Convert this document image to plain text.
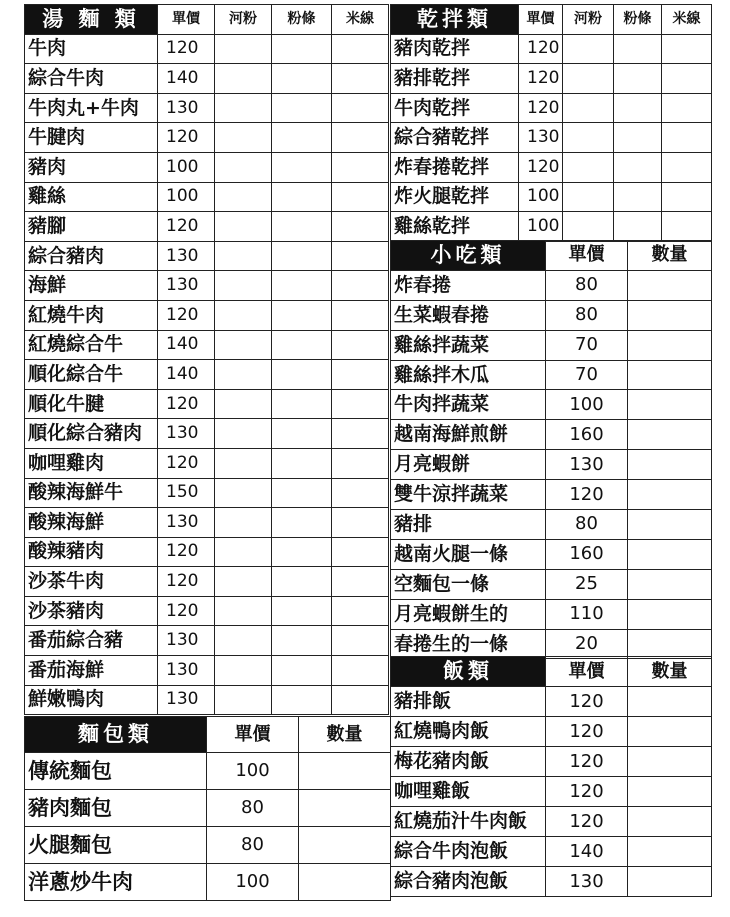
湯 麵 類	單價	河粉	粉條	米線
牛肉	120			
綜合牛肉	140			
牛肉丸+牛肉	130			
牛腱肉	120			
豬肉	100			
雞絲	100			
豬腳	120			
綜合豬肉	130			
海鮮	130			
紅燒牛肉	120			
紅燒綜合牛	140			
順化綜合牛	140			
順化牛腱	120			
順化綜合豬肉	130			
咖哩雞肉	120			
酸辣海鮮牛	150			
酸辣海鮮	130			
酸辣豬肉	120			
沙茶牛肉	120			
沙茶豬肉	120			
番茄綜合豬	130			
番茄海鮮	130			
鮮嫩鴨肉	130			
乾拌類	單價	河粉	粉條	米線
豬肉乾拌	120			
豬排乾拌	120			
牛肉乾拌	120			
綜合豬乾拌	130			
炸春捲乾拌	120			
炸火腿乾拌	100			
雞絲乾拌	100			
小吃類	單價	數量
炸春捲	80	
生菜蝦春捲	80	
雞絲拌蔬菜	70	
雞絲拌木瓜	70	
牛肉拌蔬菜	100	
越南海鮮煎餅	160	
月亮蝦餅	130	
雙牛涼拌蔬菜	120	
豬排	80	
越南火腿一條	160	
空麵包一條	25	
月亮蝦餅生的	110	
春捲生的一條	20	
飯類	單價	數量
豬排飯	120	
紅燒鴨肉飯	120	
梅花豬肉飯	120	
咖哩雞飯	120	
紅燒茄汁牛肉飯	120	
綜合牛肉泡飯	140	
綜合豬肉泡飯	130	
麵包類	單價	數量
傳統麵包	100	
豬肉麵包	80	
火腿麵包	80	
洋蔥炒牛肉	100	
